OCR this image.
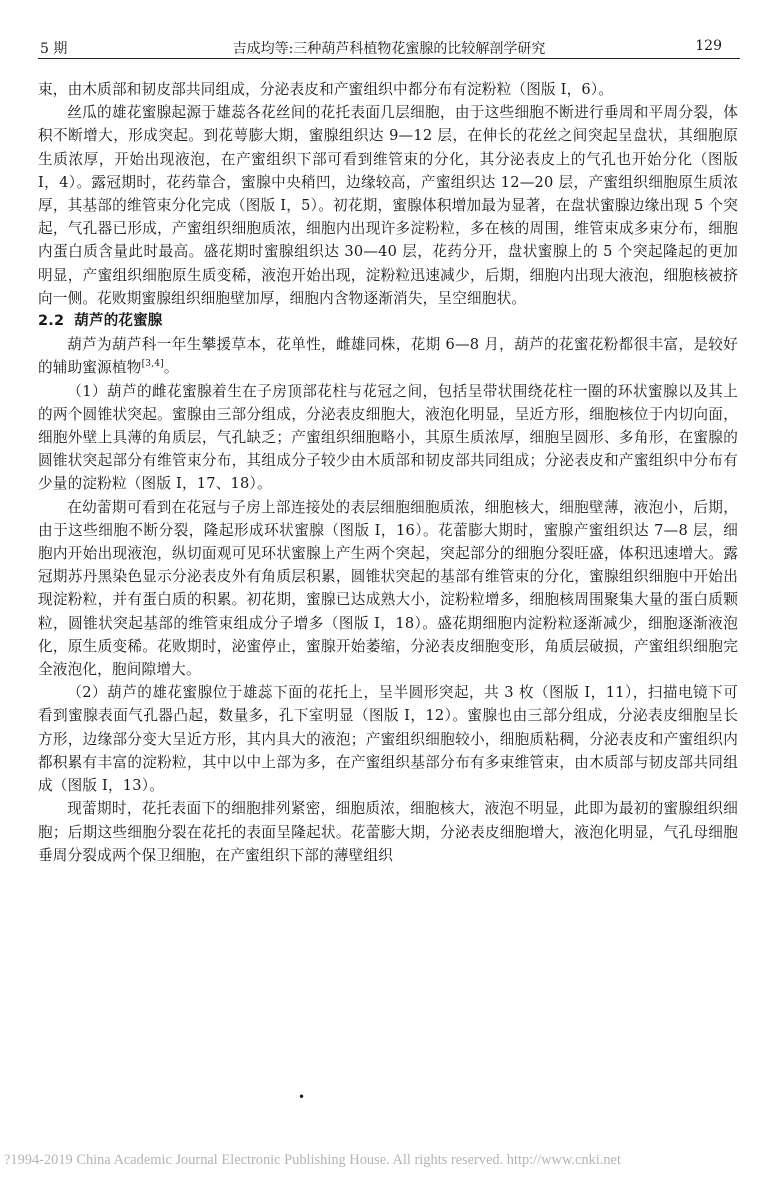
5 期	吉成均等:三种葫芦科植物花蜜腺的比较解剖学研究	129

束，由木质部和韧皮部共同组成，分泌表皮和产蜜组织中都分布有淀粉粒（图版 I，6）。

丝瓜的雄花蜜腺起源于雄蕊各花丝间的花托表面几层细胞，由于这些细胞不断进行垂周和平周分裂，体积不断增大，形成突起。到花萼膨大期，蜜腺组织达 9—12 层，在伸长的花丝之间突起呈盘状，其细胞原生质浓厚，开始出现液泡，在产蜜组织下部可看到维管束的分化，其分泌表皮上的气孔也开始分化（图版 I，4）。露冠期时，花药靠合，蜜腺中央稍凹，边缘较高，产蜜组织达 12—20 层，产蜜组织细胞原生质浓厚，其基部的维管束分化完成（图版 I，5）。初花期，蜜腺体积增加最为显著，在盘状蜜腺边缘出现 5 个突起，气孔器已形成，产蜜组织细胞质浓，细胞内出现许多淀粉粒，多在核的周围，维管束成多束分布，细胞内蛋白质含量此时最高。盛花期时蜜腺组织达 30—40 层，花药分开，盘状蜜腺上的 5 个突起隆起的更加明显，产蜜组织细胞原生质变稀，液泡开始出现，淀粉粒迅速减少，后期，细胞内出现大液泡，细胞核被挤向一侧。花败期蜜腺组织细胞壁加厚，细胞内含物逐渐消失，呈空细胞状。

2.2 葫芦的花蜜腺

葫芦为葫芦科一年生攀援草本，花单性，雌雄同株，花期 6—8 月，葫芦的花蜜花粉都很丰富，是较好的辅助蜜源植物[3,4]。

（1）葫芦的雌花蜜腺着生在子房顶部花柱与花冠之间，包括呈带状围绕花柱一圈的环状蜜腺以及其上的两个圆锥状突起。蜜腺由三部分组成，分泌表皮细胞大，液泡化明显，呈近方形，细胞核位于内切向面，细胞外壁上具薄的角质层，气孔缺乏；产蜜组织细胞略小，其原生质浓厚，细胞呈圆形、多角形，在蜜腺的圆锥状突起部分有维管束分布，其组成分子较少由木质部和韧皮部共同组成；分泌表皮和产蜜组织中分布有少量的淀粉粒（图版 I，17、18）。

在幼蕾期可看到在花冠与子房上部连接处的表层细胞细胞质浓，细胞核大，细胞壁薄，液泡小，后期，由于这些细胞不断分裂，隆起形成环状蜜腺（图版 I，16）。花蕾膨大期时，蜜腺产蜜组织达 7—8 层，细胞内开始出现液泡，纵切面观可见环状蜜腺上产生两个突起，突起部分的细胞分裂旺盛，体积迅速增大。露冠期苏丹黑染色显示分泌表皮外有角质层积累，圆锥状突起的基部有维管束的分化，蜜腺组织细胞中开始出现淀粉粒，并有蛋白质的积累。初花期，蜜腺已达成熟大小，淀粉粒增多，细胞核周围聚集大量的蛋白质颗粒，圆锥状突起基部的维管束组成分子增多（图版 I，18）。盛花期细胞内淀粉粒逐渐减少，细胞逐渐液泡化，原生质变稀。花败期时，泌蜜停止，蜜腺开始萎缩，分泌表皮细胞变形，角质层破损，产蜜组织细胞完全液泡化，胞间隙增大。

（2）葫芦的雄花蜜腺位于雄蕊下面的花托上，呈半圆形突起，共 3 枚（图版 I，11），扫描电镜下可看到蜜腺表面气孔器凸起，数量多，孔下室明显（图版 I，12）。蜜腺也由三部分组成，分泌表皮细胞呈长方形，边缘部分变大呈近方形，其内具大的液泡；产蜜组织细胞较小，细胞质粘稠，分泌表皮和产蜜组织内都积累有丰富的淀粉粒，其中以中上部为多，在产蜜组织基部分布有多束维管束，由木质部与韧皮部共同组成（图版 I，13）。

现蕾期时，花托表面下的细胞排列紧密，细胞质浓，细胞核大，液泡不明显，此即为最初的蜜腺组织细胞；后期这些细胞分裂在花托的表面呈隆起状。花蕾膨大期，分泌表皮细胞增大，液泡化明显，气孔母细胞垂周分裂成两个保卫细胞，在产蜜组织下部的薄壁组织

•
?1994-2019 China Academic Journal Electronic Publishing House. All rights reserved. http://www.cnki.net
